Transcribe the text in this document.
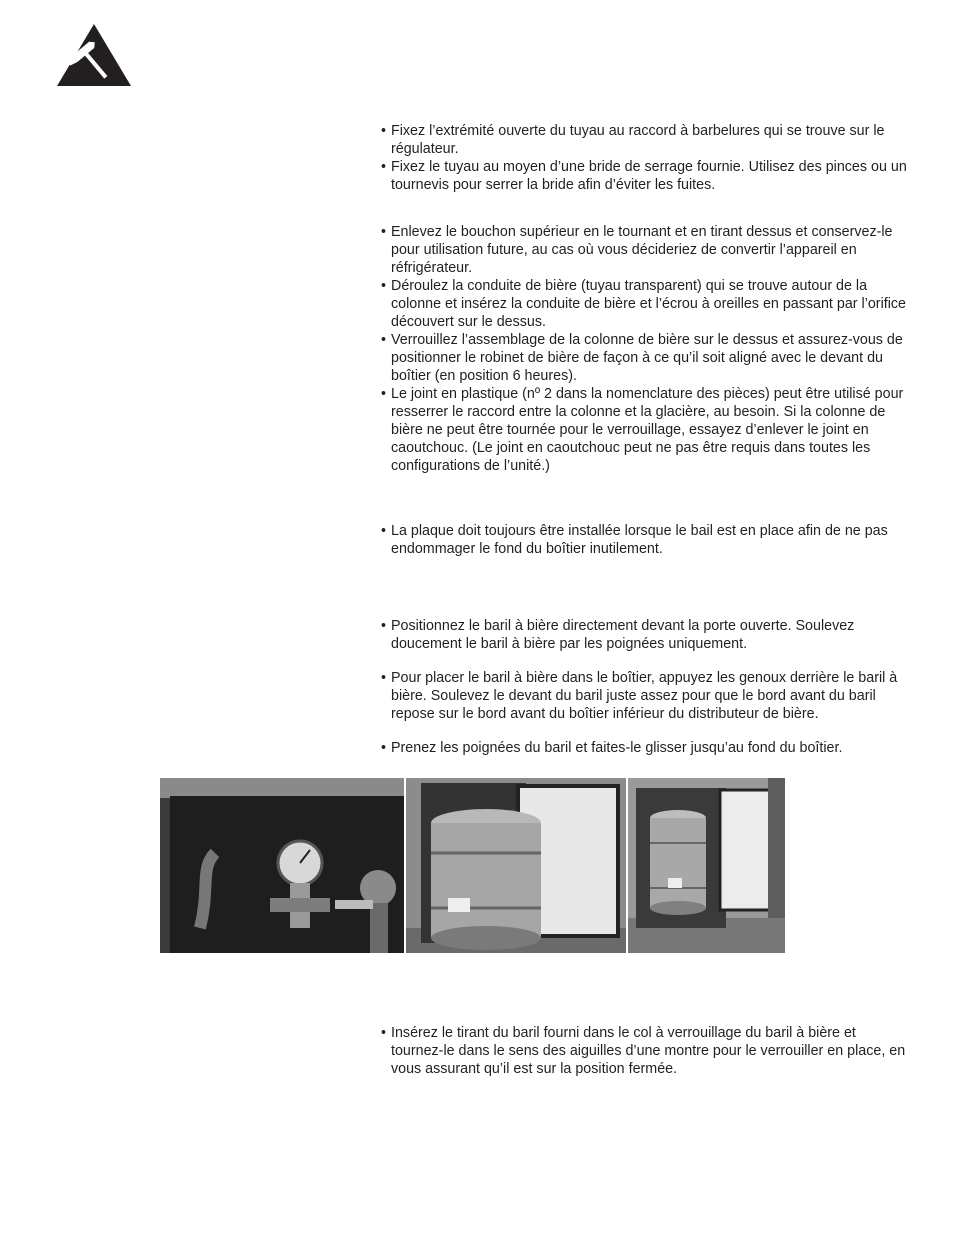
• Fixez l’extrémité ouverte du tuyau au raccord à barbelures qui se trouve sur le régulateur.
• Fixez le tuyau au moyen d’une bride de serrage fournie. Utilisez des pinces ou un tournevis pour serrer la bride afin d’éviter les fuites.
• Enlevez le bouchon supérieur en le tournant et en tirant dessus et conservez-le pour utilisation future, au cas où vous décideriez de convertir l’appareil en réfrigérateur.
• Déroulez la conduite de bière (tuyau transparent) qui se trouve autour de la colonne et insérez la conduite de bière et l’écrou à oreilles en passant par l’orifice découvert sur le dessus.
• Verrouillez l’assemblage de la colonne de bière sur le dessus et assurez-vous de positionner le robinet de bière de façon à ce qu’il soit aligné avec le devant du boîtier (en position 6 heures).
• Le joint en plastique (nº 2 dans la nomenclature des pièces) peut être utilisé pour resserrer le raccord entre la colonne et la glacière, au besoin. Si la colonne de bière ne peut être tournée pour le verrouillage, essayez d’enlever le joint en caoutchouc. (Le joint en caoutchouc peut ne pas être requis dans toutes les configurations de l’unité.)
• La plaque doit toujours être installée lorsque le bail est en place afin de ne pas endommager le fond du boîtier inutilement.
• Positionnez le baril à bière directement devant la porte ouverte. Soulevez doucement le baril à bière par les poignées uniquement.
• Pour placer le baril à bière dans le boîtier, appuyez les genoux derrière le baril à bière. Soulevez le devant du baril juste assez pour que le bord avant du baril repose sur le bord avant du boîtier inférieur du distributeur de bière.
• Prenez les poignées du baril et faites-le glisser jusqu’au fond du boîtier.
• Insérez le tirant du baril fourni dans le col à verrouillage du baril à bière et tournez-le dans le sens des aiguilles d’une montre pour le verrouiller en place, en vous assurant qu’il est sur la position fermée.
